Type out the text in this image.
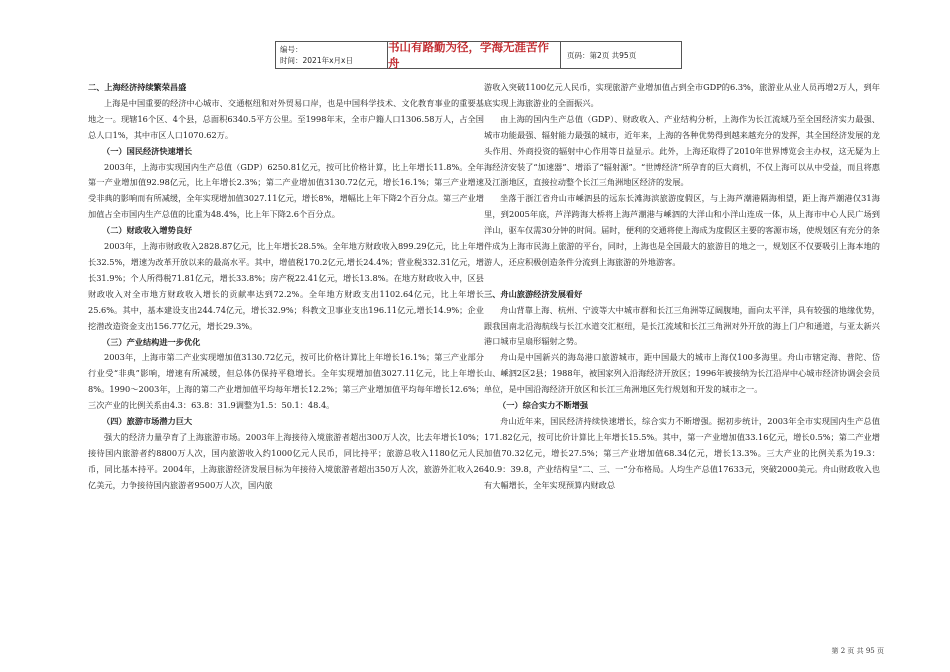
编号：
时间：2021年x月x日
书山有路勤为径，学海无涯苦作舟
页码：第2页 共95页

二、上海经济持续繁荣昌盛

上海是中国重要的经济中心城市、交通枢纽和对外贸易口岸，也是中国科学技术、文化教育事业的重要基地之一。现辖16个区、4个县，总面积6340.5平方公里。至1998年末，全市户籍人口1306.58万人，占全国总人口1%，其中市区人口1070.62万。

（一）国民经济快速增长

2003年，上海市实现国内生产总值（GDP）6250.81亿元，按可比价格计算，比上年增长11.8%。全年第一产业增加值92.98亿元，比上年增长2.3%；第二产业增加值3130.72亿元，增长16.1%；第三产业增速受非典的影响而有所减缓，全年实现增加值3027.11亿元，增长8%，增幅比上年下降2个百分点。第三产业增加值占全市国内生产总值的比重为48.4%，比上年下降2.6个百分点。

（二）财政收入增势良好

2003年，上海市财政收入2828.87亿元，比上年增长28.5%。全年地方财政收入899.29亿元，比上年增长32.5%，增速为改革开放以来的最高水平。其中，增值税170.2亿元,增长24.4%；营业税332.31亿元，增长31.9%；个人所得税71.81亿元，增长33.8%；房产税22.41亿元，增长13.8%。在地方财政收入中，区县财政收入对全市地方财政收入增长的贡献率达到72.2%。全年地方财政支出1102.64亿元，比上年增长25.6%。其中，基本建设支出244.74亿元，增长32.9%；科教文卫事业支出196.11亿元,增长14.9%；企业挖潜改造资金支出156.77亿元，增长29.3%。

（三）产业结构进一步优化

2003年，上海市第二产业实现增加值3130.72亿元，按可比价格计算比上年增长16.1%；第三产业部分行业受“非典”影响，增速有所减缓，但总体仍保持平稳增长。全年实现增加值3027.11亿元，比上年增长8%。1990～2003年，上海的第二产业增加值平均每年增长12.2%；第三产业增加值平均每年增长12.6%；三次产业的比例关系由4.3：63.8：31.9调整为1.5：50.1：48.4。

（四）旅游市场潜力巨大

强大的经济力量孕育了上海旅游市场。2003年上海接待入境旅游者超出300万人次，比去年增长10%；接待国内旅游者约8800万人次，国内旅游收入约1000亿元人民币，同比持平；旅游总收入1180亿元人民币，同比基本持平。2004年，上海旅游经济发展目标为年接待入境旅游者超出350万人次，旅游外汇收入26亿美元，力争接待国内旅游者9500万人次，国内旅

游收入突破1100亿元人民币，实现旅游产业增加值占到全市GDP的6.3%，旅游业从业人员再增2万人，到年底实现上海旅游业的全面振兴。

由上海的国内生产总值（GDP）、财政收入、产业结构分析，上海作为长江流域乃至全国经济实力最强、城市功能最强、辐射能力最强的城市，近年来，上海的各种优势得到越来越充分的发挥，其全国经济发展的龙头作用、外商投资的辐射中心作用等日益显示。此外，上海还取得了2010年世界博览会主办权，这无疑为上海经济安装了“加速器”、增添了“辐射源”。“世博经济”所孕育的巨大商机，不仅上海可以从中受益，而且将惠及江浙地区，直接拉动整个长江三角洲地区经济的发展。

坐落于浙江省舟山市嵊泗县的远东长滩海滨旅游度假区，与上海芦潮港隔海相望，距上海芦潮港仅31海里，到2005年底，芦洋跨海大桥将上海芦潮港与嵊泗的大洋山和小洋山连成一体，从上海市中心人民广场到洋山，驱车仅需30分钟的时间。届时，便利的交通将使上海成为度假区主要的客源市场，使规划区有充分的条件成为上海市民海上旅游的平台，同时，上海也是全国最大的旅游目的地之一，规划区不仅要吸引上海本地的游人，还应积极创造条件分流到上海旅游的外地游客。

三、舟山旅游经济发展看好

舟山背靠上海、杭州、宁波等大中城市群和长江三角洲等辽阔腹地，面向太平洋，具有较强的地缘优势，跟我国南北沿海航线与长江水道交汇枢纽，是长江流域和长江三角洲对外开放的海上门户和通道，与亚太新兴港口城市呈扇形辐射之势。

舟山是中国新兴的海岛港口旅游城市，距中国最大的城市上海仅100多海里。舟山市辖定海、普陀、岱山、嵊泗2区2县；1988年，被国家列入沿海经济开放区；1996年被接纳为长江沿岸中心城市经济协调会会员单位，是中国沿海经济开放区和长江三角洲地区先行规划和开发的城市之一。

（一）综合实力不断增强

舟山近年来，国民经济持续快速增长，综合实力不断增强。据初步统计，2003年全市实现国内生产总值171.82亿元，按可比价计算比上年增长15.5%。其中，第一产业增加值33.16亿元，增长0.5%；第二产业增加值70.32亿元，增长27.5%；第三产业增加值68.34亿元，增长13.3%。三大产业的比例关系为19.3：40.9：39.8，产业结构呈“二、三、一”分布格局。人均生产总值17633元，突破2000美元。舟山财政收入也有大幅增长，全年实现预算内财政总

第 2 页 共 95 页
